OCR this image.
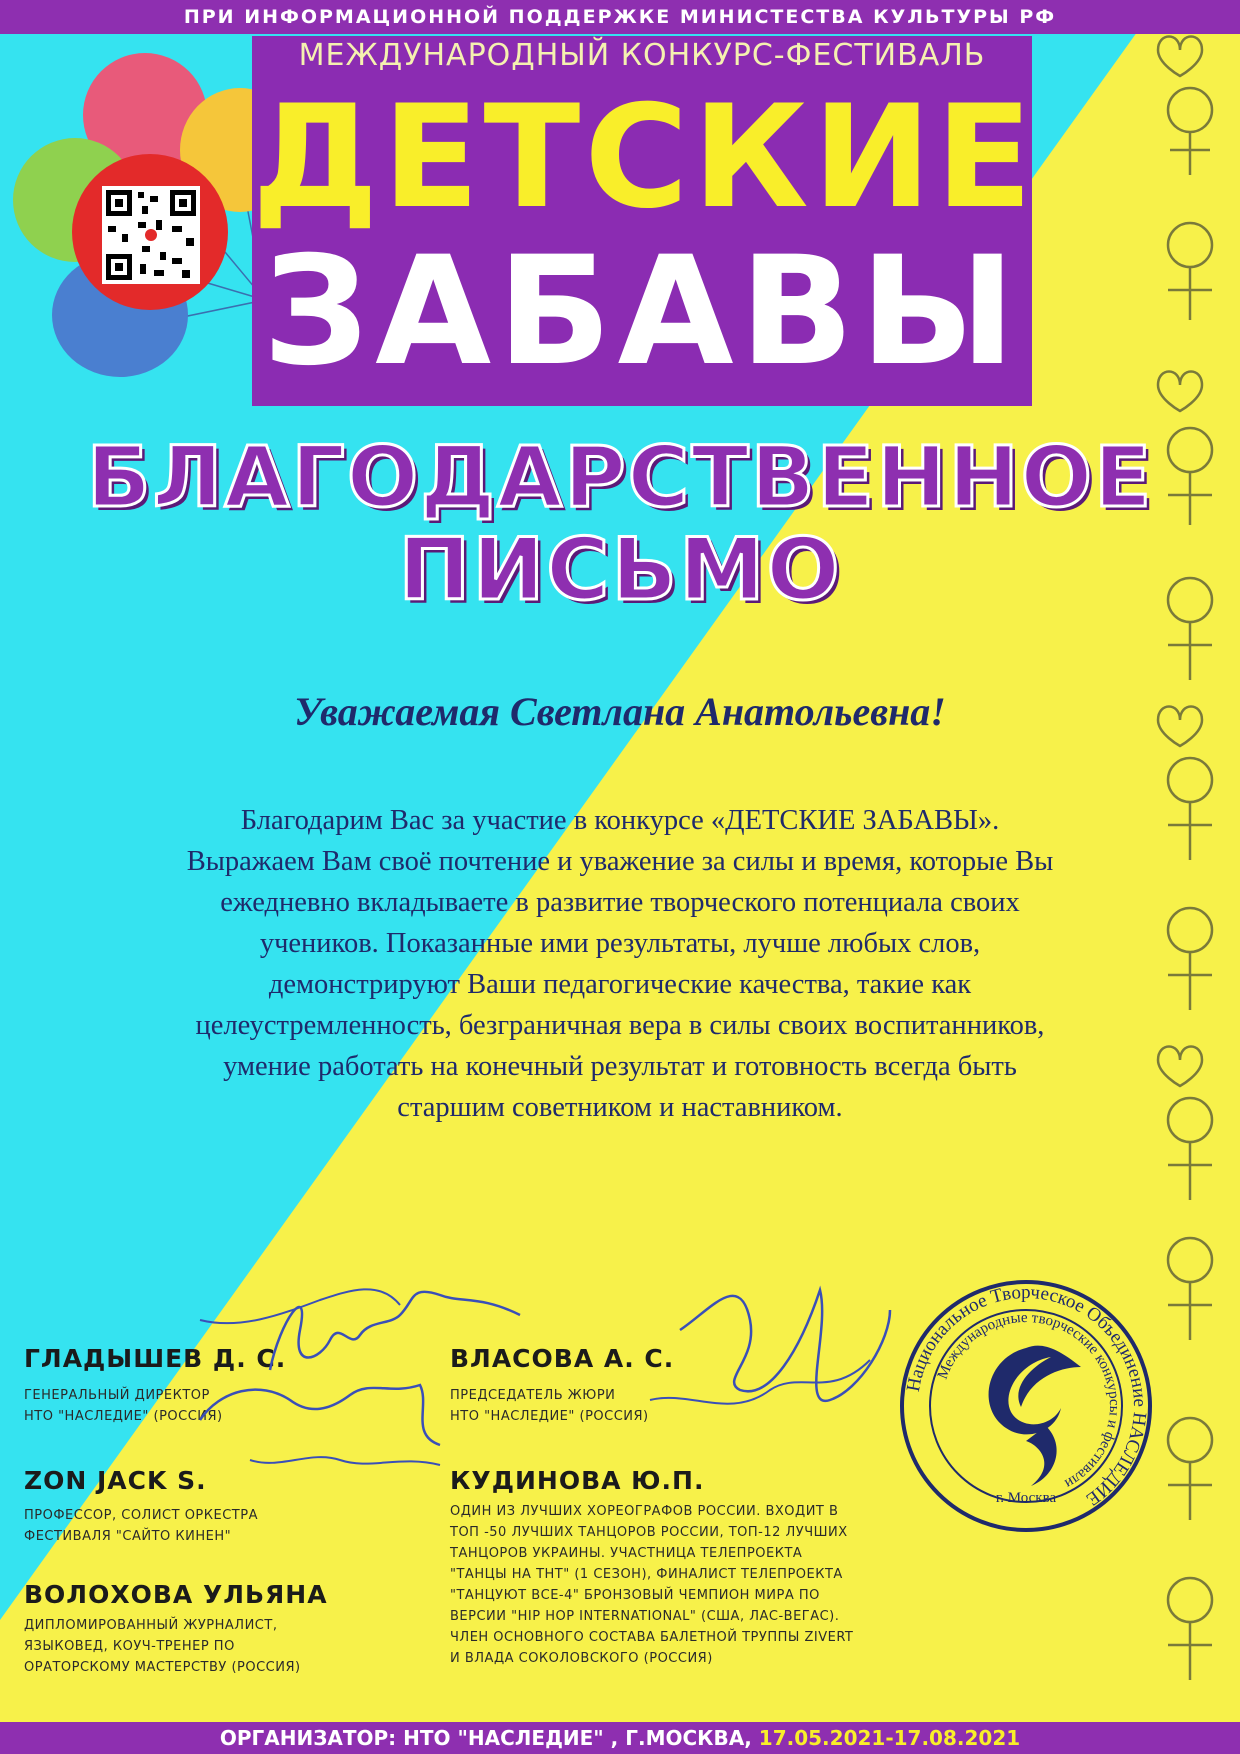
ПРИ ИНФОРМАЦИОННОЙ ПОДДЕРЖКЕ МИНИСТЕСТВА КУЛЬТУРЫ РФ
МЕЖДУНАРОДНЫЙ КОНКУРС-ФЕСТИВАЛЬ
ДЕТСКИЕ
ЗАБАВЫ
БЛАГОДАРСТВЕННОЕ
ПИСЬМО
Уважаемая Светлана Анатольевна!
Благодарим Вас за участие в конкурсе «ДЕТСКИЕ ЗАБАВЫ».
Выражаем Вам своё почтение и уважение за силы и время, которые Вы
ежедневно вкладываете в развитие творческого потенциала своих
учеников. Показанные ими результаты, лучше любых слов,
демонстрируют Ваши педагогические качества, такие как
целеустремленность, безграничная вера в силы своих воспитанников,
умение работать на конечный результат и готовность всегда быть
старшим советником и наставником.
ГЛАДЫШЕВ Д. С.
ГЕНЕРАЛЬНЫЙ ДИРЕКТОР
НТО "НАСЛЕДИЕ" (РОССИЯ)
ZON JACK S.
ПРОФЕССОР, СОЛИСТ ОРКЕСТРА
ФЕСТИВАЛЯ "САЙТО КИНЕН"
ВОЛОХОВА УЛЬЯНА
ДИПЛОМИРОВАННЫЙ ЖУРНАЛИСТ,
ЯЗЫКОВЕД, КОУЧ-ТРЕНЕР ПО
ОРАТОРСКОМУ МАСТЕРСТВУ (РОССИЯ)
ВЛАСОВА А. С.
ПРЕДСЕДАТЕЛЬ ЖЮРИ
НТО "НАСЛЕДИЕ" (РОССИЯ)
КУДИНОВА Ю.П.
ОДИН ИЗ ЛУЧШИХ ХОРЕОГРАФОВ РОССИИ. ВХОДИТ В
ТОП -50 ЛУЧШИХ ТАНЦОРОВ РОССИИ, ТОП-12 ЛУЧШИХ
ТАНЦОРОВ УКРАИНЫ. УЧАСТНИЦА ТЕЛЕПРОЕКТА
"ТАНЦЫ НА ТНТ" (1 СЕЗОН), ФИНАЛИСТ ТЕЛЕПРОЕКТА
"ТАНЦУЮТ ВСЕ-4" БРОНЗОВЫЙ ЧЕМПИОН МИРА ПО
ВЕРСИИ "HIP HOP INTERNATIONAL" (США, ЛАС-ВЕГАС).
ЧЛЕН ОСНОВНОГО СОСТАВА БАЛЕТНОЙ ТРУППЫ ZIVERT
И ВЛАДА СОКОЛОВСКОГО (РОССИЯ)
Национальное Творческое Объединение НАСЛЕДИЕ
Международные творческие конкурсы и фестивали
г. Москва
ОРГАНИЗАТОР: НТО "НАСЛЕДИЕ" , Г.МОСКВА, 17.05.2021-17.08.2021
